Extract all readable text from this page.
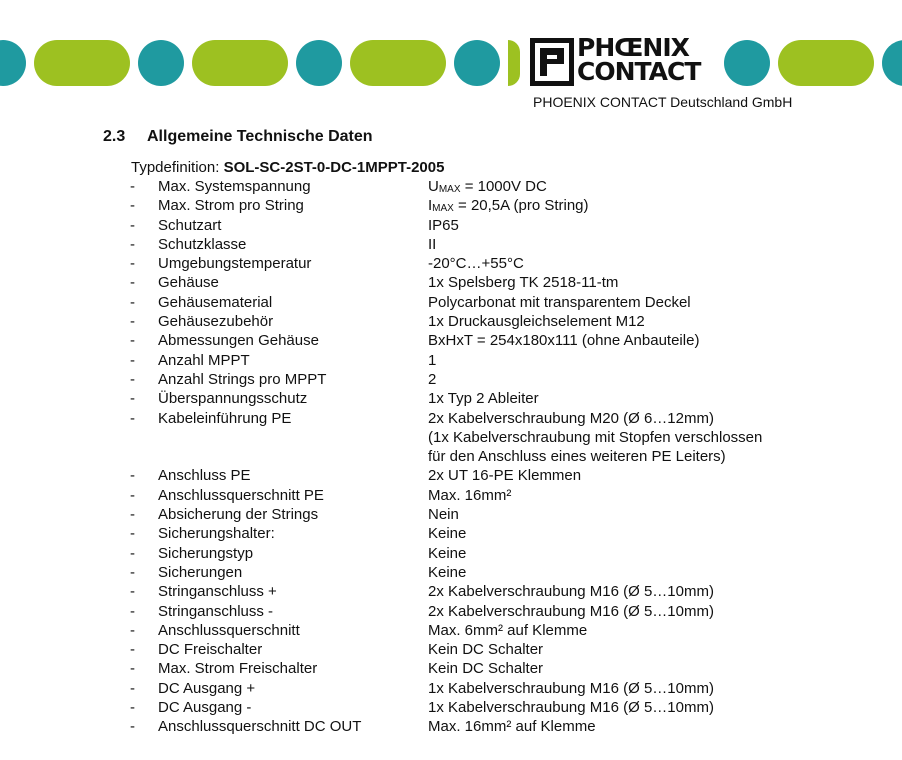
PHŒNIX
CONTACT
PHOENIX CONTACT Deutschland GmbH
2.3 Allgemeine Technische Daten
Typdefinition: SOL-SC-2ST-0-DC-1MPPT-2005
- Max. Systemspannung	$U_{MAX} = 1000V$ DC
- Max. Strom pro String	$I_{MAX} = 20,5A$ (pro String)
- Schutzart	IP65
- Schutzklasse	II
- Umgebungstemperatur	-20°C…+55°C
- Gehäuse	1x Spelsberg TK 2518-11-tm
- Gehäusematerial	Polycarbonat mit transparentem Deckel
- Gehäusezubehör	1x Druckausgleichselement M12
- Abmessungen Gehäuse	BxHxT = 254x180x111 (ohne Anbauteile)
- Anzahl MPPT	1
- Anzahl Strings pro MPPT	2
- Überspannungsschutz	1x Typ 2 Ableiter
- Kabeleinführung PE	2x Kabelverschraubung M20 (Ø 6…12mm)
(1x Kabelverschraubung mit Stopfen verschlossen
für den Anschluss eines weiteren PE Leiters)
- Anschluss PE	2x UT 16-PE Klemmen
- Anschlussquerschnitt PE	Max. 16mm²
- Absicherung der Strings	Nein
- Sicherungshalter:	Keine
- Sicherungstyp	Keine
- Sicherungen	Keine
- Stringanschluss +	2x Kabelverschraubung M16 (Ø 5…10mm)
- Stringanschluss -	2x Kabelverschraubung M16 (Ø 5…10mm)
- Anschlussquerschnitt	Max. 6mm² auf Klemme
- DC Freischalter	Kein DC Schalter
- Max. Strom Freischalter	Kein DC Schalter
- DC Ausgang +	1x Kabelverschraubung M16 (Ø 5…10mm)
- DC Ausgang -	1x Kabelverschraubung M16 (Ø 5…10mm)
- Anschlussquerschnitt DC OUT	Max. 16mm² auf Klemme
